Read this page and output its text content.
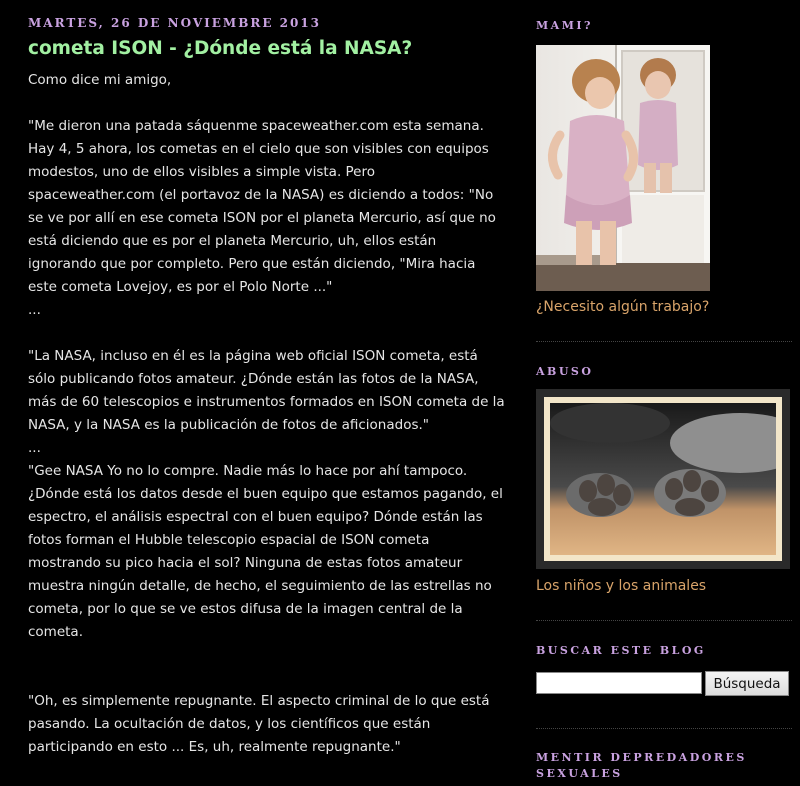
MARTES, 26 DE NOVIEMBRE 2013
cometa ISON - ¿Dónde está la NASA?

Como dice mi amigo,

"Me dieron una patada sáquenme spaceweather.com esta semana. Hay 4, 5 ahora, los cometas en el cielo que son visibles con equipos modestos, uno de ellos visibles a simple vista. Pero spaceweather.com (el portavoz de la NASA) es diciendo a todos: "No se ve por allí en ese cometa ISON por el planeta Mercurio, así que no está diciendo que es por el planeta Mercurio, uh, ellos están ignorando que por completo. Pero que están diciendo, "Mira hacia este cometa Lovejoy, es por el Polo Norte ..."

...

"La NASA, incluso en él es la página web oficial ISON cometa, está sólo publicando fotos amateur. ¿Dónde están las fotos de la NASA, más de 60 telescopios e instrumentos formados en ISON cometa de la NASA, y la NASA es la publicación de fotos de aficionados."

...

"Gee NASA Yo no lo compre. Nadie más lo hace por ahí tampoco. ¿Dónde está los datos desde el buen equipo que estamos pagando, el espectro, el análisis espectral con el buen equipo? Dónde están las fotos forman el Hubble telescopio espacial de ISON cometa mostrando su pico hacia el sol? Ninguna de estas fotos amateur muestra ningún detalle, de hecho, el seguimiento de las estrellas no cometa, por lo que se ve estos difusa de la imagen central de la cometa.

"Oh, es simplemente repugnante. El aspecto criminal de lo que está pasando. La ocultación de datos, y los científicos que están participando en esto ... Es, uh, realmente repugnante."

MAMI?
¿Necesito algún trabajo?
ABUSO
Los niños y los animales
BUSCAR ESTE BLOG
Búsqueda
MENTIR DEPREDADORES SEXUALES
